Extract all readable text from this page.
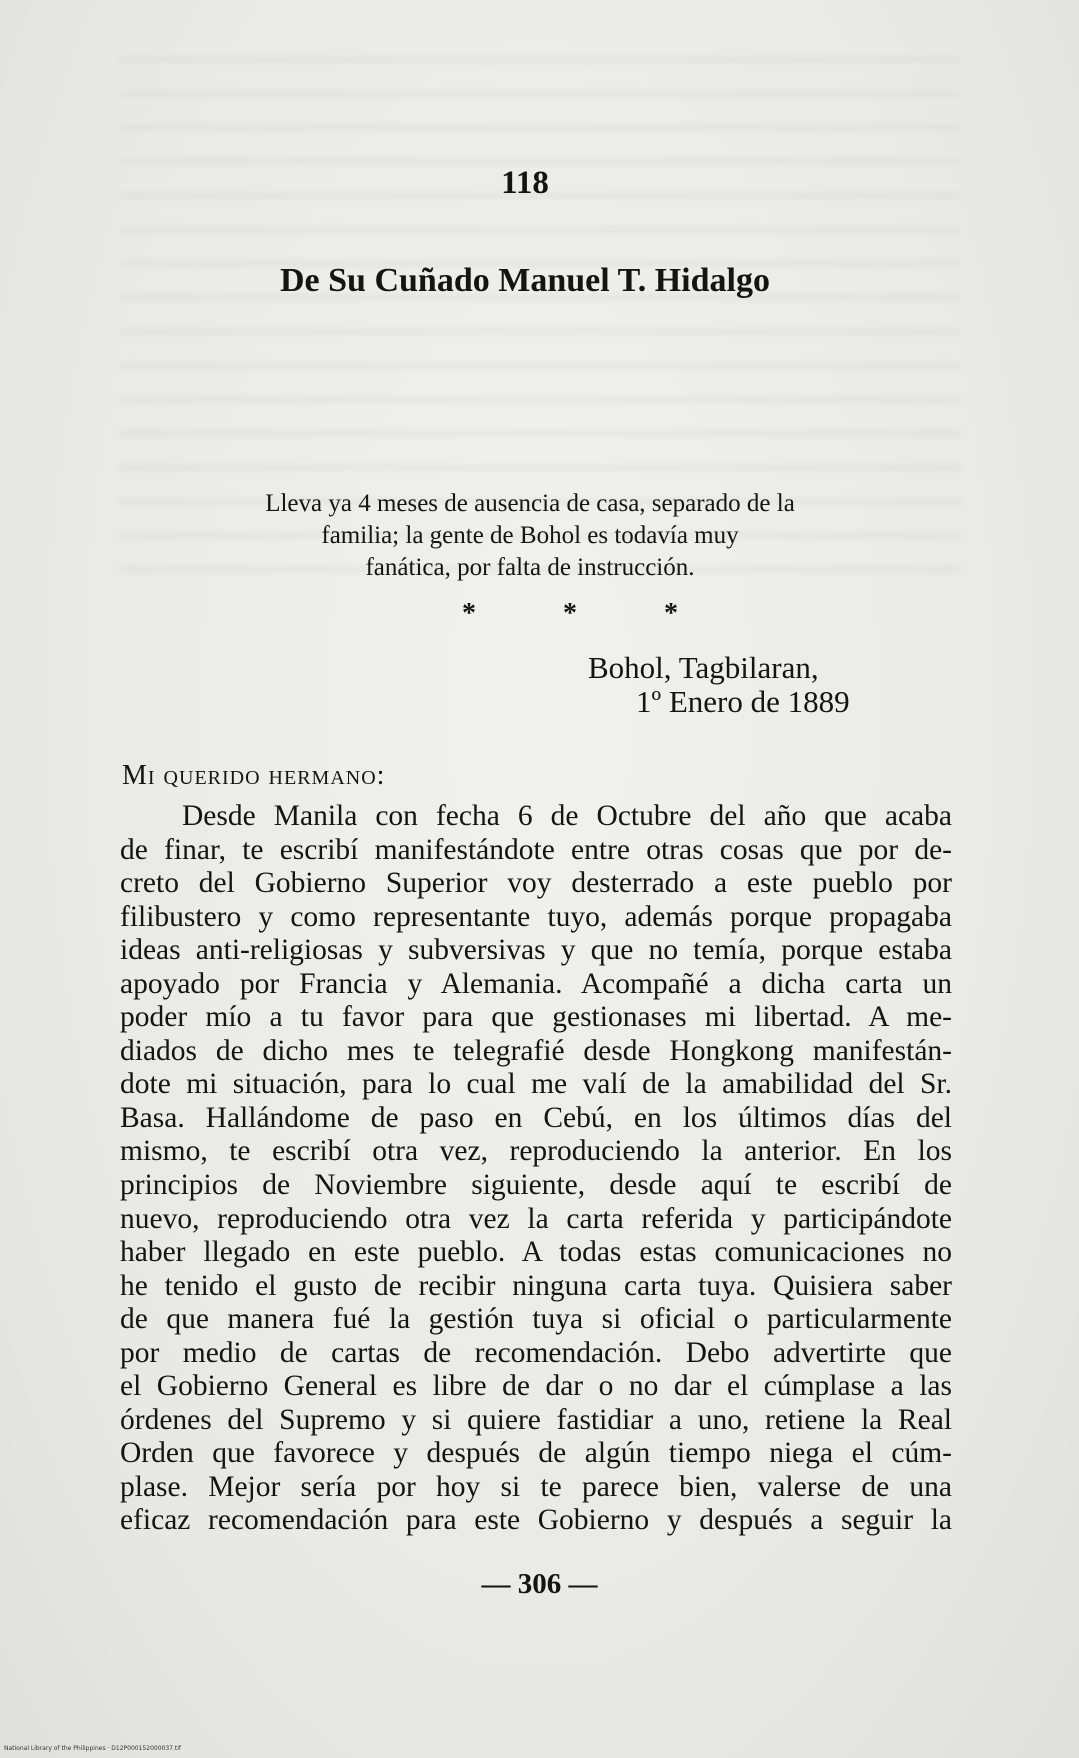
118
De Su Cuñado Manuel T. Hidalgo
Lleva ya 4 meses de ausencia de casa, separado de la
familia; la gente de Bohol es todavía muy
fanática, por falta de instrucción.
* * *
Bohol, Tagbilaran,
1º Enero de 1889
Mi querido hermano:
Desde Manila con fecha 6 de Octubre del año que acaba
de finar, te escribí manifestándote entre otras cosas que por de-
creto del Gobierno Superior voy desterrado a este pueblo por
filibustero y como representante tuyo, además porque propagaba
ideas anti-religiosas y subversivas y que no temía, porque estaba
apoyado por Francia y Alemania. Acompañé a dicha carta un
poder mío a tu favor para que gestionases mi libertad. A me-
diados de dicho mes te telegrafié desde Hongkong manifestán-
dote mi situación, para lo cual me valí de la amabilidad del Sr.
Basa. Hallándome de paso en Cebú, en los últimos días del
mismo, te escribí otra vez, reproduciendo la anterior. En los
principios de Noviembre siguiente, desde aquí te escribí de
nuevo, reproduciendo otra vez la carta referida y participándote
haber llegado en este pueblo. A todas estas comunicaciones no
he tenido el gusto de recibir ninguna carta tuya. Quisiera saber
de que manera fué la gestión tuya si oficial o particularmente
por medio de cartas de recomendación. Debo advertirte que
el Gobierno General es libre de dar o no dar el cúmplase a las
órdenes del Supremo y si quiere fastidiar a uno, retiene la Real
Orden que favorece y después de algún tiempo niega el cúm-
plase. Mejor sería por hoy si te parece bien, valerse de una
eficaz recomendación para este Gobierno y después a seguir la
— 306 —
National Library of the Philippines · D12P000152000037.tif
